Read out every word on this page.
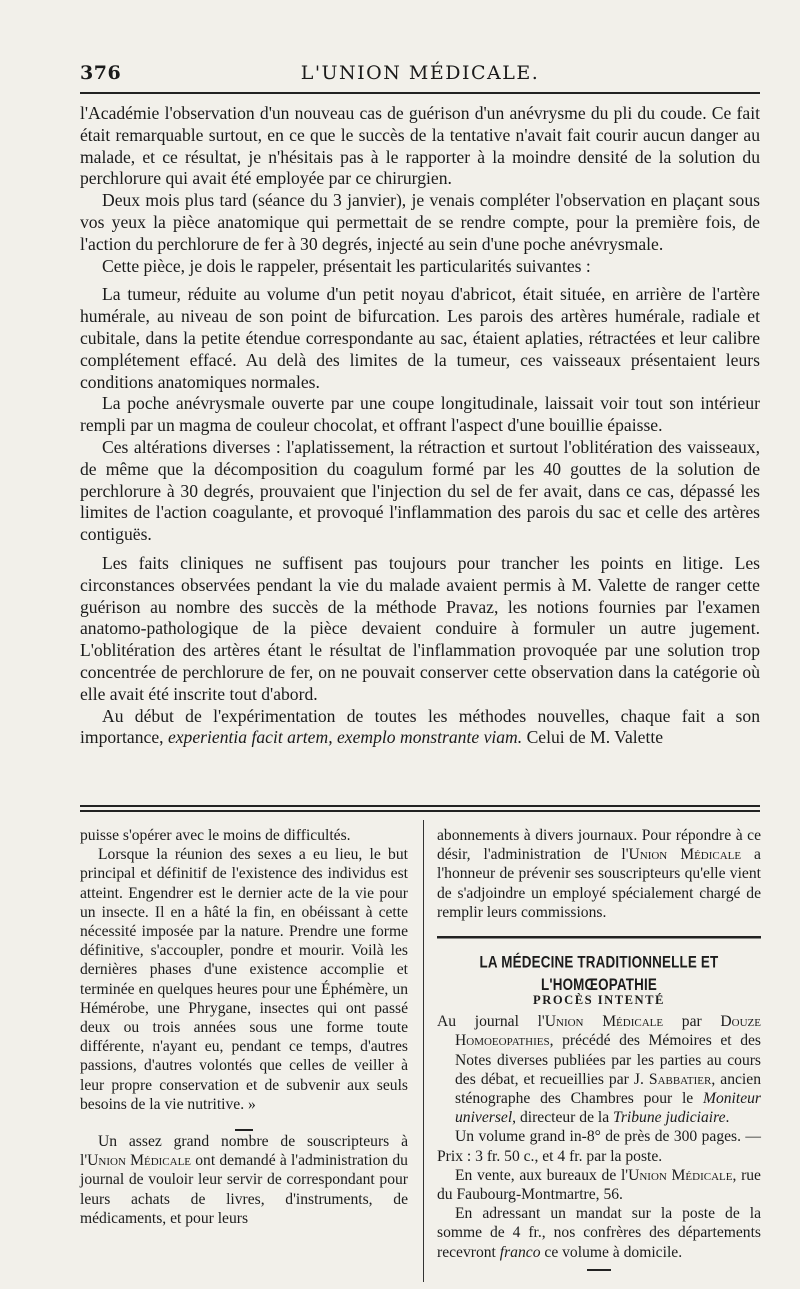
376	L'UNION MÉDICALE.

l'Académie l'observation d'un nouveau cas de guérison d'un anévrysme du pli du coude. Ce fait était remarquable surtout, en ce que le succès de la tentative n'avait fait courir aucun danger au malade, et ce résultat, je n'hésitais pas à le rapporter à la moindre densité de la solution du perchlorure qui avait été employée par ce chirurgien.

Deux mois plus tard (séance du 3 janvier), je venais compléter l'observation en plaçant sous vos yeux la pièce anatomique qui permettait de se rendre compte, pour la première fois, de l'action du perchlorure de fer à 30 degrés, injecté au sein d'une poche anévrysmale.

Cette pièce, je dois le rappeler, présentait les particularités suivantes :

La tumeur, réduite au volume d'un petit noyau d'abricot, était située, en arrière de l'artère humérale, au niveau de son point de bifurcation. Les parois des artères humérale, radiale et cubitale, dans la petite étendue correspondante au sac, étaient aplaties, rétractées et leur calibre complétement effacé. Au delà des limites de la tumeur, ces vaisseaux présentaient leurs conditions anatomiques normales.

La poche anévrysmale ouverte par une coupe longitudinale, laissait voir tout son intérieur rempli par un magma de couleur chocolat, et offrant l'aspect d'une bouillie épaisse.

Ces altérations diverses : l'aplatissement, la rétraction et surtout l'oblitération des vaisseaux, de même que la décomposition du coagulum formé par les 40 gouttes de la solution de perchlorure à 30 degrés, prouvaient que l'injection du sel de fer avait, dans ce cas, dépassé les limites de l'action coagulante, et provoqué l'inflammation des parois du sac et celle des artères contiguës.

Les faits cliniques ne suffisent pas toujours pour trancher les points en litige. Les circonstances observées pendant la vie du malade avaient permis à M. Valette de ranger cette guérison au nombre des succès de la méthode Pravaz, les notions fournies par l'examen anatomo-pathologique de la pièce devaient conduire à formuler un autre jugement. L'oblitération des artères étant le résultat de l'inflammation provoquée par une solution trop concentrée de perchlorure de fer, on ne pouvait conserver cette observation dans la catégorie où elle avait été inscrite tout d'abord.

Au début de l'expérimentation de toutes les méthodes nouvelles, chaque fait a son importance, experientia facit artem, exemplo monstrante viam. Celui de M. Valette

puisse s'opérer avec le moins de difficultés.

Lorsque la réunion des sexes a eu lieu, le but principal et définitif de l'existence des individus est atteint. Engendrer est le dernier acte de la vie pour un insecte. Il en a hâté la fin, en obéissant à cette nécessité imposée par la nature. Prendre une forme définitive, s'accoupler, pondre et mourir. Voilà les dernières phases d'une existence accomplie et terminée en quelques heures pour une Éphémère, un Hémérobe, une Phrygane, insectes qui ont passé deux ou trois années sous une forme toute différente, n'ayant eu, pendant ce temps, d'autres passions, d'autres volontés que celles de veiller à leur propre conservation et de subvenir aux seuls besoins de la vie nutritive. »

Un assez grand nombre de souscripteurs à l'Union Médicale ont demandé à l'administration du journal de vouloir leur servir de correspondant pour leurs achats de livres, d'instruments, de médicaments, et pour leurs

abonnements à divers journaux. Pour répondre à ce désir, l'administration de l'Union Médicale a l'honneur de prévenir ses souscripteurs qu'elle vient de s'adjoindre un employé spécialement chargé de remplir leurs commissions.

LA MÉDECINE TRADITIONNELLE ET L'HOMŒOPATHIE
PROCÈS INTENTÉ

Au journal l'Union Médicale par Douze Homoeopathies, précédé des Mémoires et des Notes diverses publiées par les parties au cours des débat, et recueillies par J. Sabbatier, ancien sténographe des Chambres pour le Moniteur universel, directeur de la Tribune judiciaire.

Un volume grand in-8° de près de 300 pages. — Prix : 3 fr. 50 c., et 4 fr. par la poste.

En vente, aux bureaux de l'Union Médicale, rue du Faubourg-Montmartre, 56.

En adressant un mandat sur la poste de la somme de 4 fr., nos confrères des départements recevront franco ce volume à domicile.
